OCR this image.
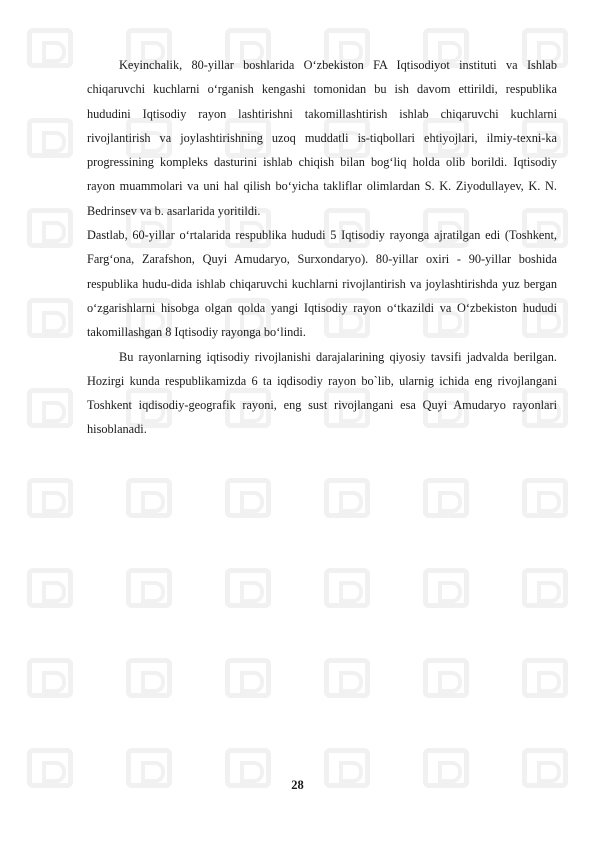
Keyinchalik, 80-yillar boshlarida Oʻzbekiston FA Iqtisodiyot instituti va Ishlab chiqaruvchi kuchlarni oʻrganish kengashi tomonidan bu ish davom ettirildi, respublika hududini Iqtisodiy rayon lashtirishni takomillashtirish ishlab chiqaruvchi kuchlarni rivojlantirish va joylashtirishning uzoq muddatli is-tiqbollari ehtiyojlari, ilmiy-texni-ka progressining kompleks dasturini ishlab chiqish bilan bogʻliq holda olib borildi. Iqtisodiy rayon muammolari va uni hal qilish boʻyicha takliflar olimlardan S. K. Ziyodullayev, K. N. Bedrinsev va b. asarlarida yoritildi.

Dastlab, 60-yillar oʻrtalarida respublika hududi 5 Iqtisodiy rayonga ajratilgan edi (Toshkent, Fargʻona, Zarafshon, Quyi Amudaryo, Surxondaryo). 80-yillar oxiri - 90-yillar boshida respublika hudu-dida ishlab chiqaruvchi kuchlarni rivojlantirish va joylashtirishda yuz bergan oʻzgarishlarni hisobga olgan qolda yangi Iqtisodiy rayon oʻtkazildi va Oʻzbekiston hududi takomillashgan 8 Iqtisodiy rayonga boʻlindi.

Bu rayonlarning iqtisodiy rivojlanishi darajalarining qiyosiy tavsifi jadvalda berilgan. Hozirgi kunda respublikamizda 6 ta iqdisodiy rayon bo`lib, ularnig ichida eng rivojlangani Toshkent iqdisodiy-geografik rayoni, eng sust rivojlangani esa Quyi Amudaryo rayonlari hisoblanadi.

28
